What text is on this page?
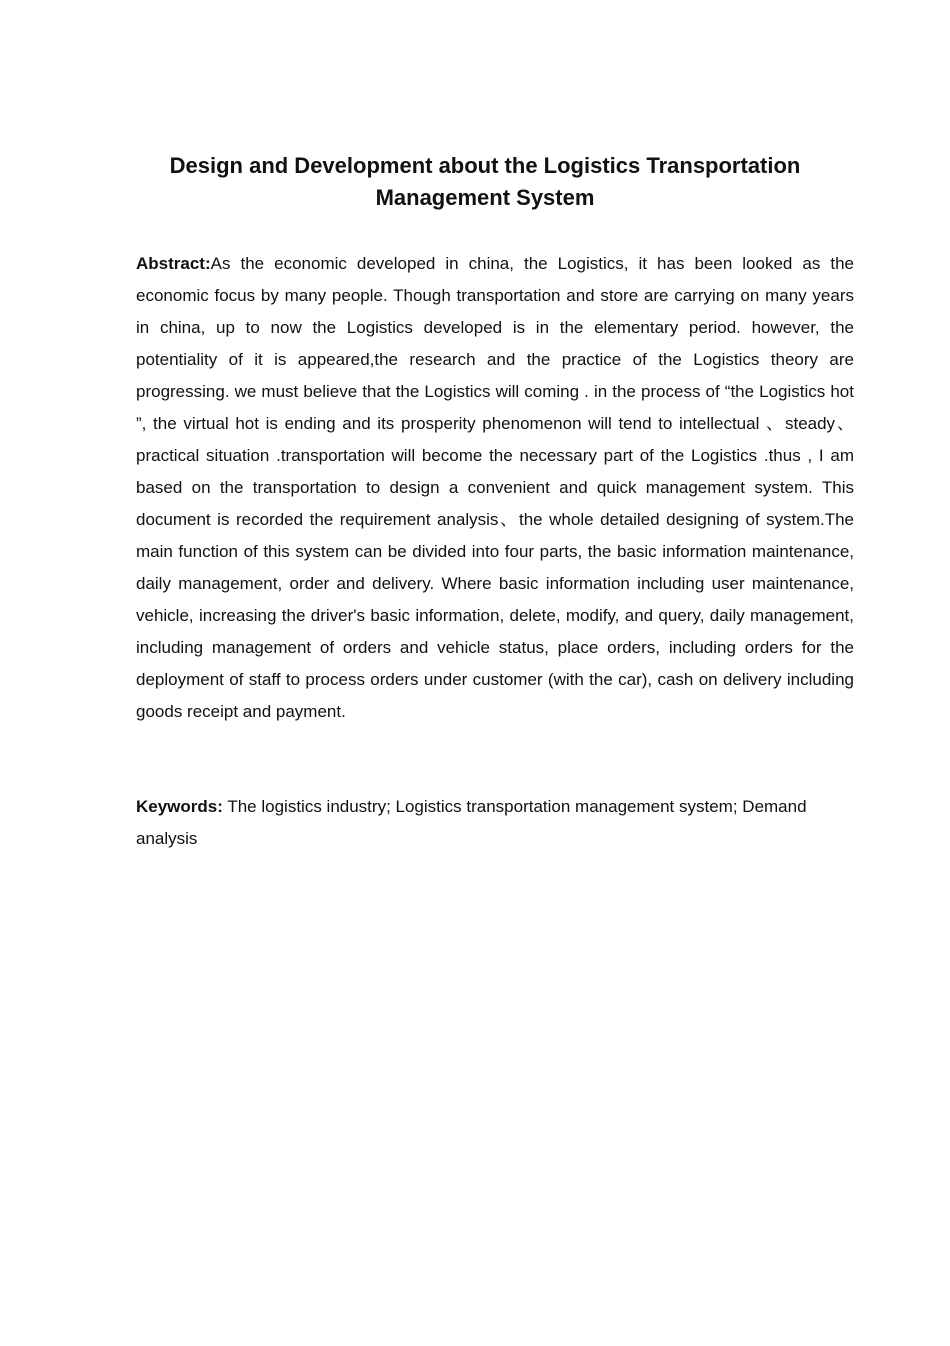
Design and Development about the Logistics Transportation
Management System

Abstract:As the economic developed in china, the Logistics, it has been looked as the economic focus by many people. Though transportation and store are carrying on many years in china, up to now the Logistics developed is in the elementary period. however, the potentiality of it is appeared,the research and the practice of the Logistics theory are progressing. we must believe that the Logistics will coming . in the process of “the Logistics hot ”, the virtual hot is ending and its prosperity phenomenon will tend to intellectual 、steady、practical situation .transportation will become the necessary part of the Logistics .thus , I am based on the transportation to design a convenient and quick management system. This document is recorded the requirement analysis、the whole detailed designing of system.The main function of this system can be divided into four parts, the basic information maintenance, daily management, order and delivery. Where basic information including user maintenance, vehicle, increasing the driver's basic information, delete, modify, and query, daily management, including management of orders and vehicle status, place orders, including orders for the deployment of staff to process orders under customer (with the car), cash on delivery including goods receipt and payment.

Keywords: The logistics industry; Logistics transportation management system; Demand analysis
